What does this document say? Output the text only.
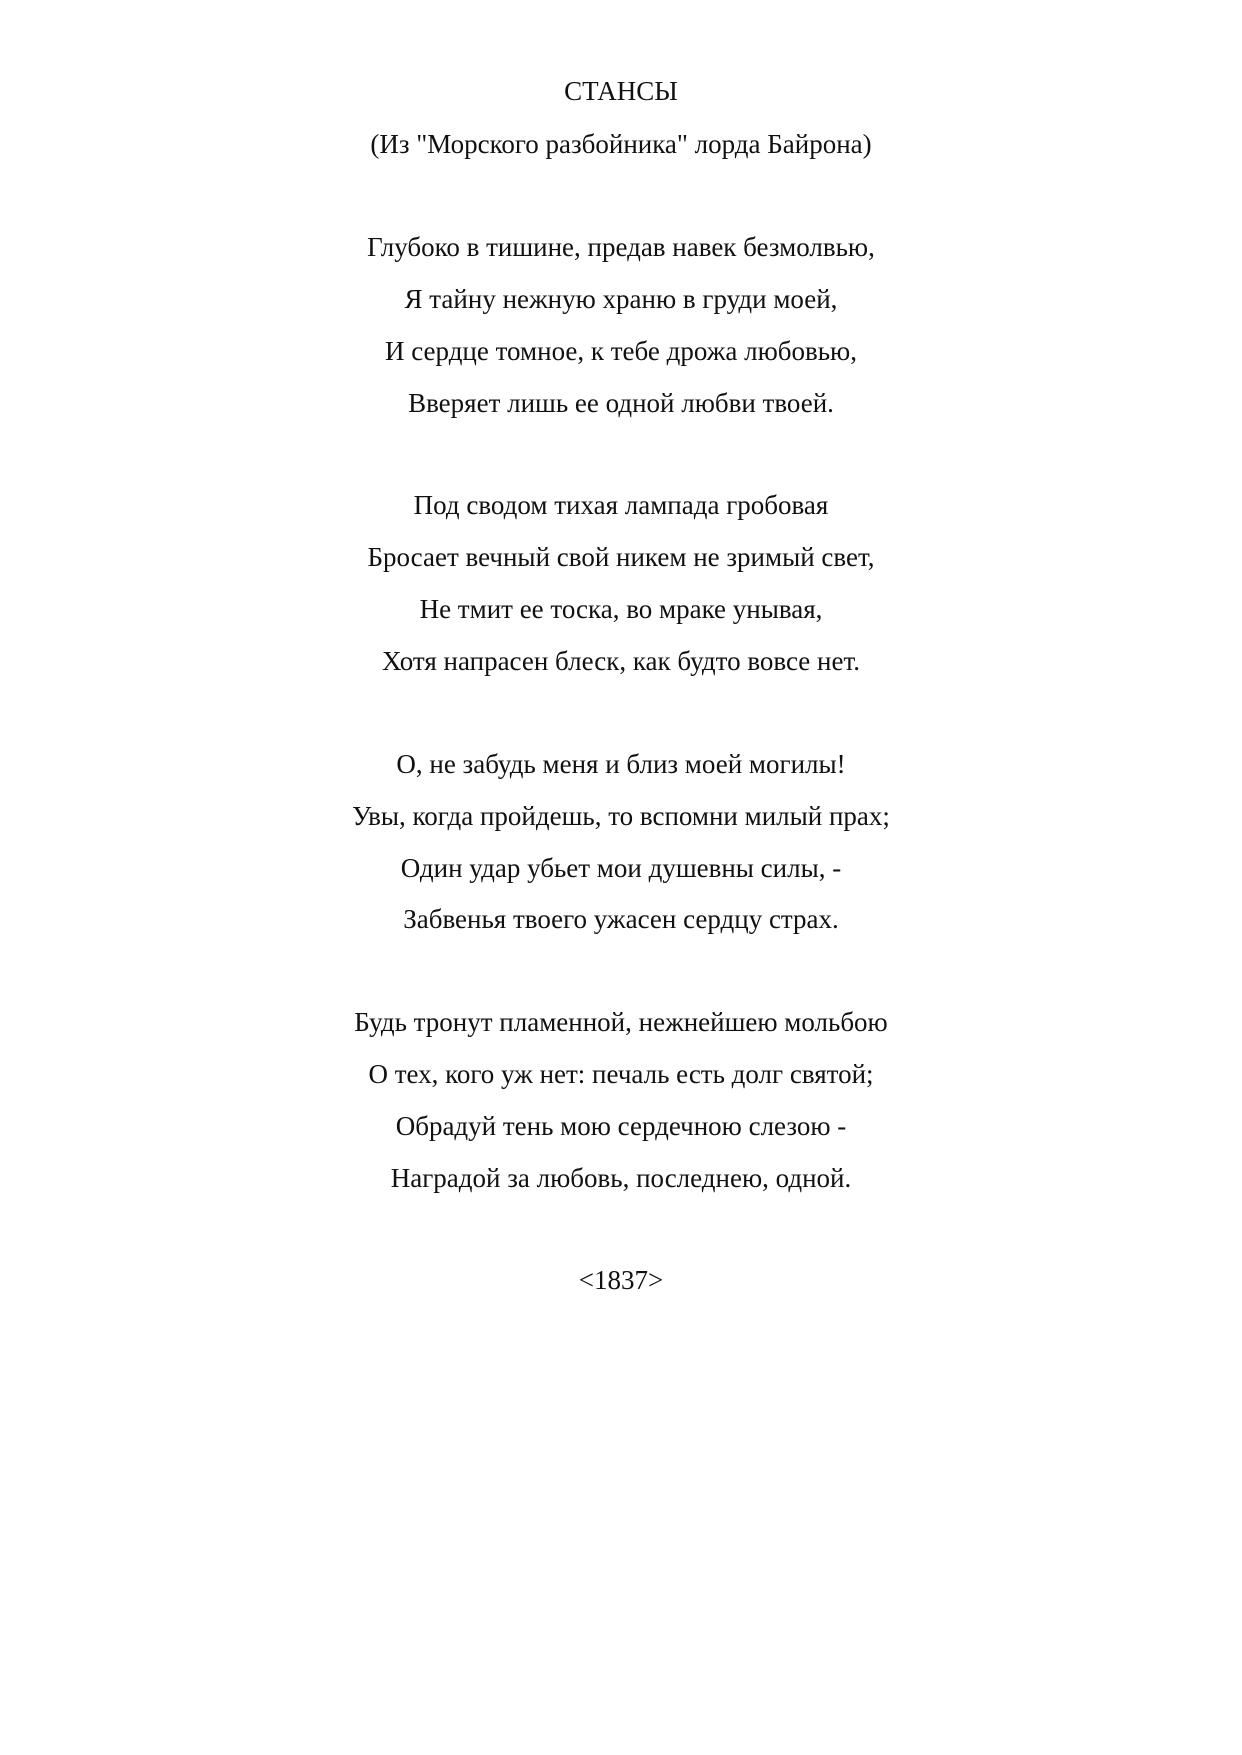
СТАНСЫ
(Из "Морского разбойника" лорда Байрона)
Глубоко в тишине, предав навек безмолвью,
Я тайну нежную храню в груди моей,
И сердце томное, к тебе дрожа любовью,
Вверяет лишь ее одной любви твоей.
Под сводом тихая лампада гробовая
Бросает вечный свой никем не зримый свет,
Не тмит ее тоска, во мраке унывая,
Хотя напрасен блеск, как будто вовсе нет.
О, не забудь меня и близ моей могилы!
Увы, когда пройдешь, то вспомни милый прах;
Один удар убьет мои душевны силы, -
Забвенья твоего ужасен сердцу страх.
Будь тронут пламенной, нежнейшею мольбою
О тех, кого уж нет: печаль есть долг святой;
Обрадуй тень мою сердечною слезою -
Наградой за любовь, последнею, одной.
<1837>
